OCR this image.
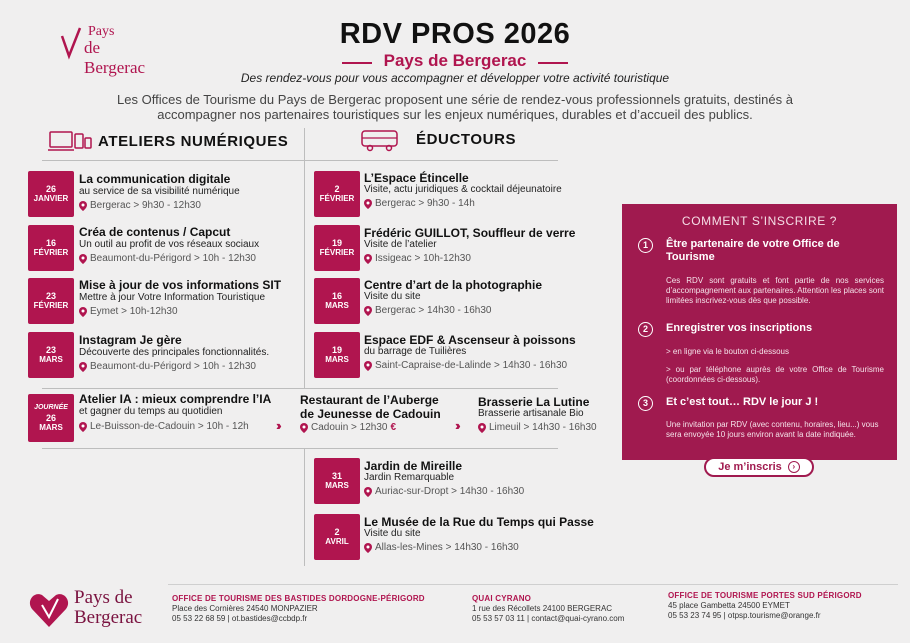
Pays
de Bergerac
RDV PROS 2026
Pays de Bergerac
Des rendez-vous pour vous accompagner et développer votre activité touristique
Les Offices de Tourisme du Pays de Bergerac proposent une série de rendez-vous professionnels gratuits, destinés à accompagner nos partenaires touristiques sur les enjeux numériques, durables et d’accueil des publics.
ATELIERS NUMÉRIQUES	ÉDUCTOURS
26
JANVIER
La communication digitale
au service de sa visibilité numérique
Bergerac > 9h30 - 12h30
16
FÉVRIER
Créa de contenus / Capcut
Un outil au profit de vos réseaux sociaux
Beaumont-du-Périgord > 10h - 12h30
23
FÉVRIER
Mise à jour de vos informations SIT
Mettre à jour Votre Information Touristique
Eymet > 10h-12h30
23
MARS
Instagram Je gère
Découverte des principales fonctionnalités.
Beaumont-du-Périgord > 10h - 12h30
2
FÉVRIER
L’Espace Étincelle
Visite, actu juridiques & cocktail déjeunatoire
Bergerac > 9h30 - 14h
19
FÉVRIER
Frédéric GUILLOT, Souffleur de verre
Visite de l’atelier
Issigeac > 10h-12h30
16
MARS
Centre d’art de la photographie
Visite du site
Bergerac > 14h30 - 16h30
19
MARS
Espace EDF & Ascenseur à poissons
du barrage de Tuilières
Saint-Capraise-de-Lalinde > 14h30 - 16h30
JOURNÉE
26
MARS
Atelier IA : mieux comprendre l’IA
et gagner du temps au quotidien
Le-Buisson-de-Cadouin > 10h - 12h ››
Restaurant de l’Auberge
de Jeunesse de Cadouin
Cadouin > 12h30 €	››
Brasserie La Lutine
Brasserie artisanale Bio
Limeuil > 14h30 - 16h30
31
MARS
Jardin de Mireille
Jardin Remarquable
Auriac-sur-Dropt > 14h30 - 16h30
2
AVRIL
Le Musée de la Rue du Temps qui Passe
Visite du site
Allas-les-Mines > 14h30 - 16h30
COMMENT S’INSCRIRE ?
1	Être partenaire de votre Office de Tourisme
Ces RDV sont gratuits et font partie de nos services d’accompagnement aux partenaires. Attention les places sont limitées inscrivez-vous dès que possible.
2	Enregistrer vos inscriptions
> en ligne via le bouton ci-dessous
> ou par téléphone auprès de votre Office de Tourisme (coordonnées ci-dessous).
3	Et c’est tout… RDV le jour J !
Une invitation par RDV (avec contenu, horaires, lieu...) vous sera envoyée 10 jours environ avant la date indiquée.
Je m’inscris	›
Pays de
Bergerac
OFFICE DE TOURISME DES BASTIDES DORDOGNE-PÉRIGORD
Place des Cornières 24540 MONPAZIER
05 53 22 68 59 | ot.bastides@ccbdp.fr
QUAI CYRANO
1 rue des Récollets 24100 BERGERAC
05 53 57 03 11 | contact@quai-cyrano.com
OFFICE DE TOURISME PORTES SUD PÉRIGORD
45 place Gambetta 24500 EYMET
05 53 23 74 95 | otpsp.tourisme@orange.fr
